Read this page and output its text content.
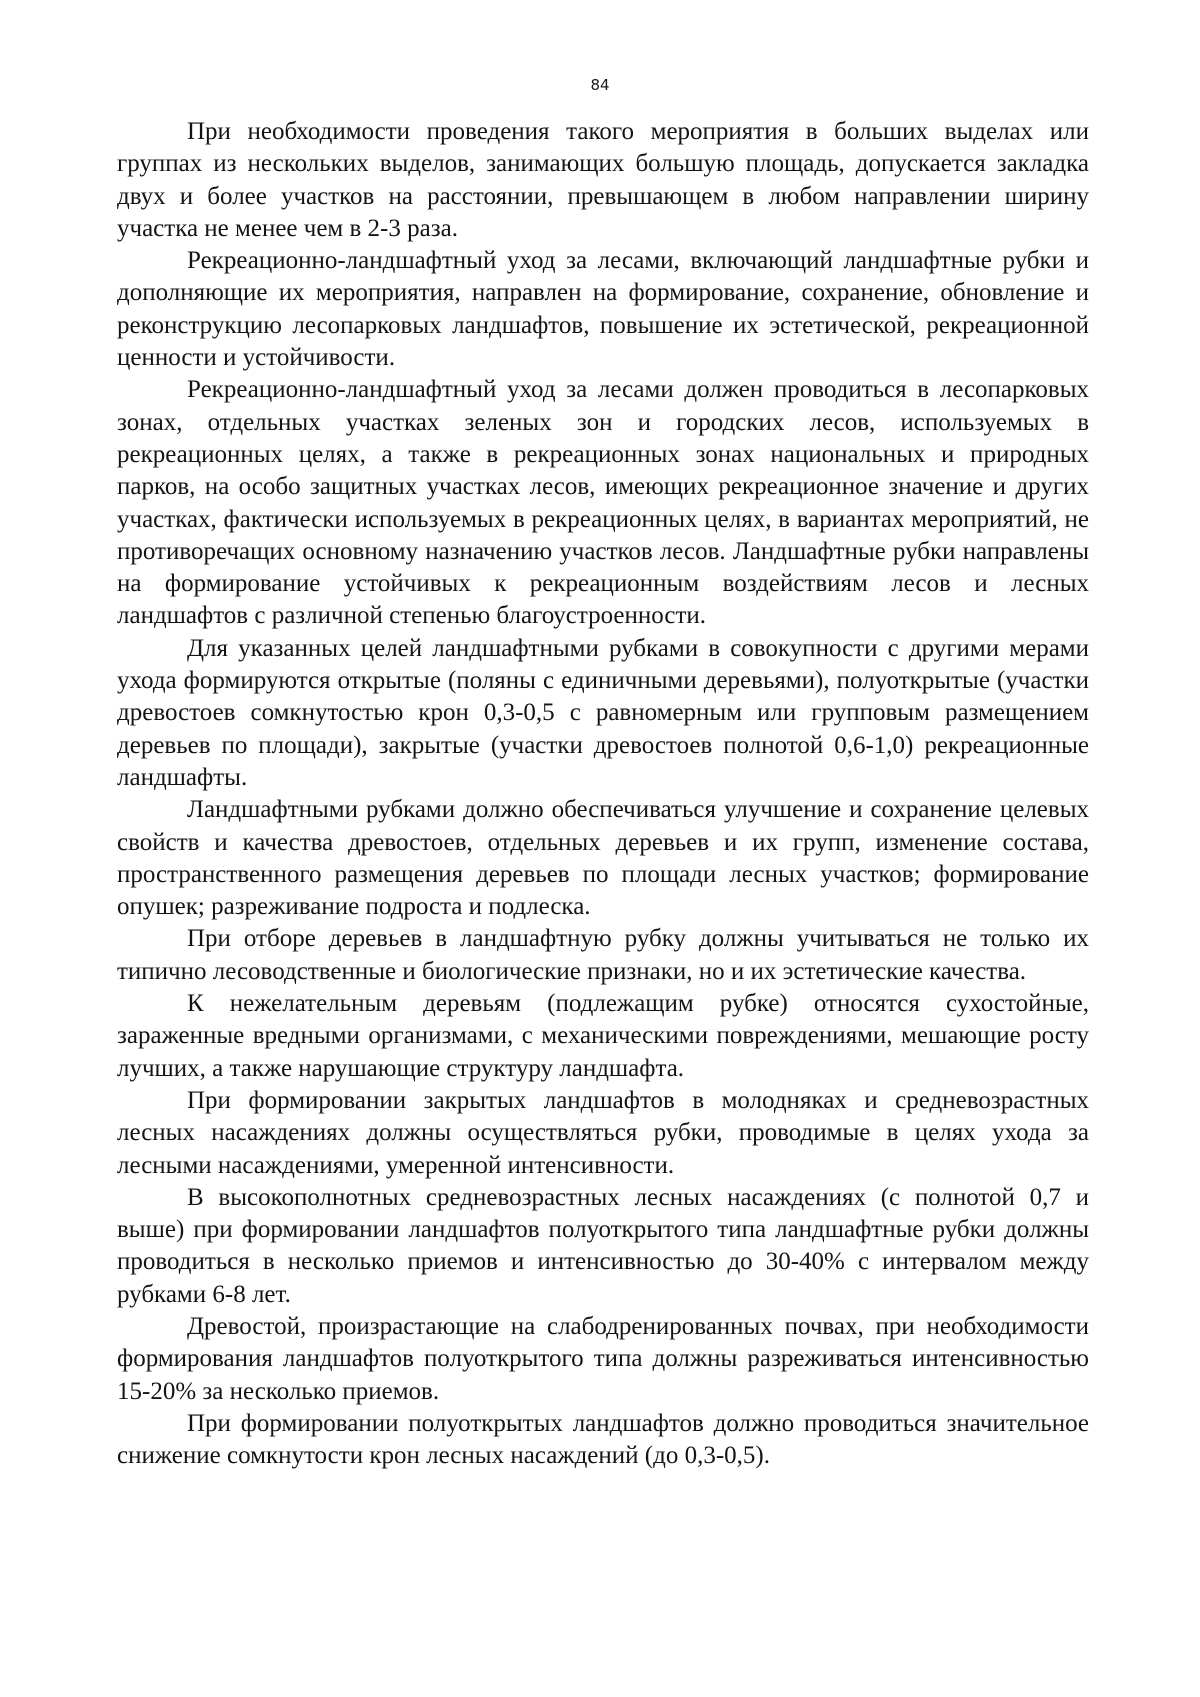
84

При необходимости проведения такого мероприятия в больших выделах или группах из нескольких выделов, занимающих большую площадь, допускается закладка двух и более участков на расстоянии, превышающем в любом направлении ширину участка не менее чем в 2-3 раза.

Рекреационно-ландшафтный уход за лесами, включающий ландшафтные рубки и дополняющие их мероприятия, направлен на формирование, сохранение, обновление и реконструкцию лесопарковых ландшафтов, повышение их эстетической, рекреационной ценности и устойчивости.

Рекреационно-ландшафтный уход за лесами должен проводиться в лесопарковых зонах, отдельных участках зеленых зон и городских лесов, используемых в рекреационных целях, а также в рекреационных зонах национальных и природных парков, на особо защитных участках лесов, имеющих рекреационное значение и других участках, фактически используемых в рекреационных целях, в вариантах мероприятий, не противоречащих основному назначению участков лесов. Ландшафтные рубки направлены на формирование устойчивых к рекреационным воздействиям лесов и лесных ландшафтов с различной степенью благоустроенности.

Для указанных целей ландшафтными рубками в совокупности с другими мерами ухода формируются открытые (поляны с единичными деревьями), полуоткрытые (участки древостоев сомкнутостью крон 0,3-0,5 с равномерным или групповым размещением деревьев по площади), закрытые (участки древостоев полнотой 0,6-1,0) рекреационные ландшафты.

Ландшафтными рубками должно обеспечиваться улучшение и сохранение целевых свойств и качества древостоев, отдельных деревьев и их групп, изменение состава, пространственного размещения деревьев по площади лесных участков; формирование опушек; разреживание подроста и подлеска.

При отборе деревьев в ландшафтную рубку должны учитываться не только их типично лесоводственные и биологические признаки, но и их эстетические качества.

К нежелательным деревьям (подлежащим рубке) относятся сухостойные, зараженные вредными организмами, с механическими повреждениями, мешающие росту лучших, а также нарушающие структуру ландшафта.

При формировании закрытых ландшафтов в молодняках и средневозрастных лесных насаждениях должны осуществляться рубки, проводимые в целях ухода за лесными насаждениями, умеренной интенсивности.

В высокополнотных средневозрастных лесных насаждениях (с полнотой 0,7 и выше) при формировании ландшафтов полуоткрытого типа ландшафтные рубки должны проводиться в несколько приемов и интенсивностью до 30-40% с интервалом между рубками 6-8 лет.

Древостой, произрастающие на слабодренированных почвах, при необходимости формирования ландшафтов полуоткрытого типа должны разреживаться интенсивностью 15-20% за несколько приемов.

При формировании полуоткрытых ландшафтов должно проводиться значительное снижение сомкнутости крон лесных насаждений (до 0,3-0,5).
